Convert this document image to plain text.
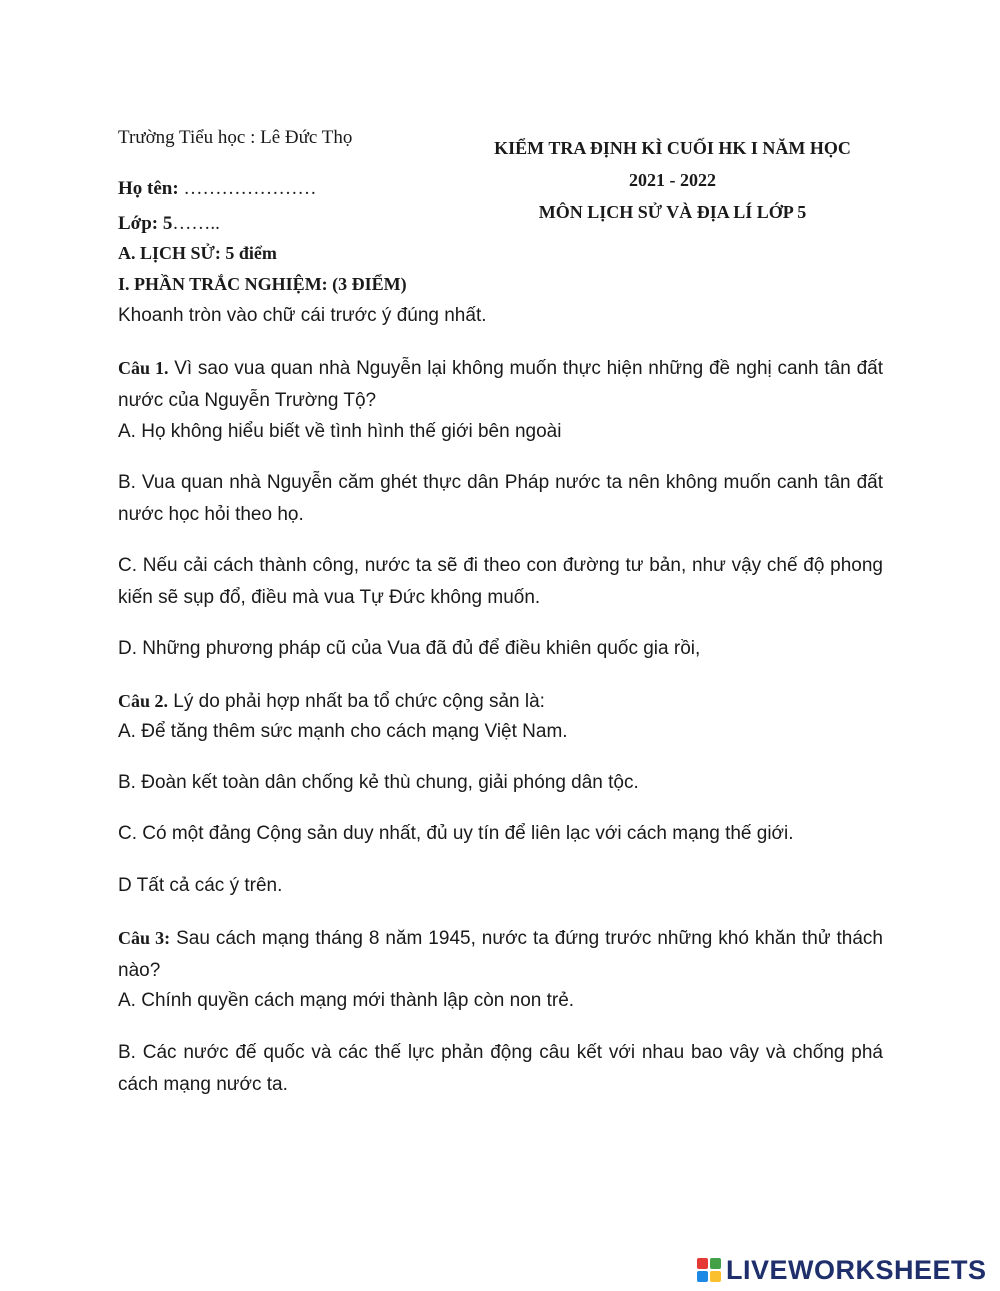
Trường Tiểu học : Lê Đức Thọ
Họ tên: …………………
Lớp: 5……..
KIỂM TRA ĐỊNH KÌ CUỐI HK I NĂM HỌC
2021 - 2022
MÔN LỊCH SỬ VÀ ĐỊA LÍ LỚP 5
A. LỊCH SỬ: 5 điểm
I. PHẦN TRẮC NGHIỆM: (3 ĐIỂM)
Khoanh tròn vào chữ cái trước ý đúng nhất.
Câu 1. Vì sao vua quan nhà Nguyễn lại không muốn thực hiện những đề nghị canh tân đất nước của Nguyễn Trường Tộ?
A. Họ không hiểu biết về tình hình thế giới bên ngoài
B. Vua quan nhà Nguyễn căm ghét thực dân Pháp nước ta nên không muốn canh tân đất nước học hỏi theo họ.
C. Nếu cải cách thành công, nước ta sẽ đi theo con đường tư bản, như vậy chế độ phong kiến sẽ sụp đổ, điều mà vua Tự Đức không muốn.
D. Những phương pháp cũ của Vua đã đủ để điều khiên quốc gia rồi,
Câu 2. Lý do phải hợp nhất ba tổ chức cộng sản là:
A. Để tăng thêm sức mạnh cho cách mạng Việt Nam.
B. Đoàn kết toàn dân chống kẻ thù chung, giải phóng dân tộc.
C. Có một đảng Cộng sản duy nhất, đủ uy tín để liên lạc với cách mạng thế giới.
D Tất cả các ý trên.
Câu 3: Sau cách mạng tháng 8 năm 1945, nước ta đứng trước những khó khăn thử thách nào?
A. Chính quyền cách mạng mới thành lập còn non trẻ.
B. Các nước đế quốc và các thế lực phản động câu kết với nhau bao vây và chống phá cách mạng nước ta.
LIVEWORKSHEETS
